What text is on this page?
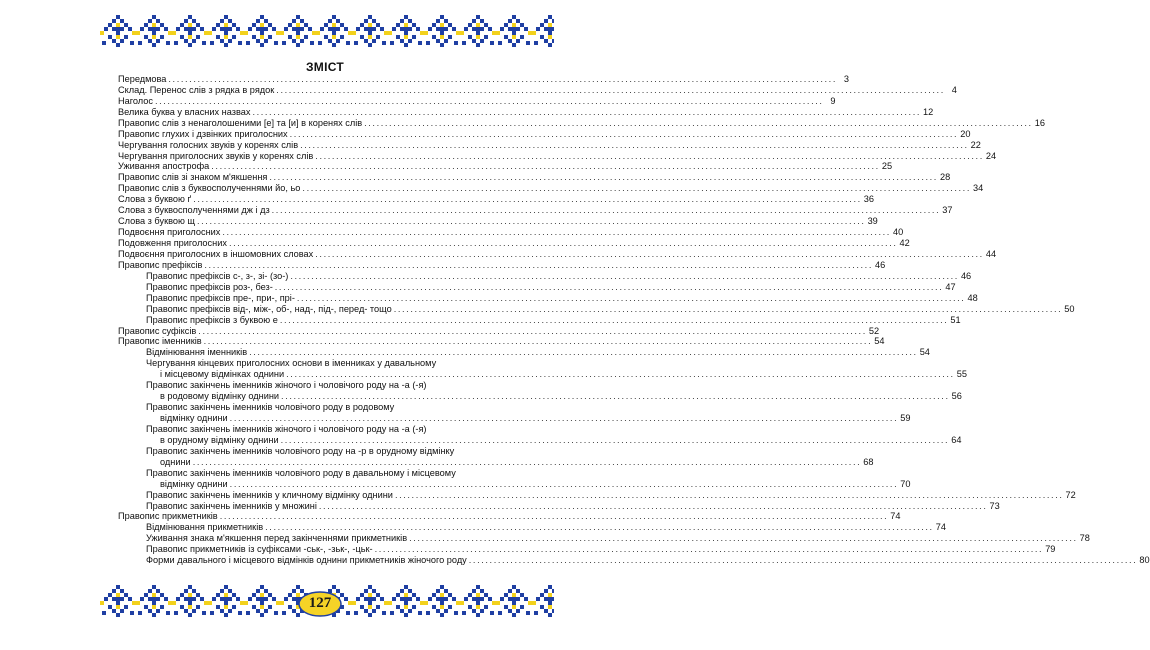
ЗМІСТ
Передмова .....	3
Склад. Перенос слів з рядка в рядок .....	4
Наголос .....	9
Велика буква у власних назвах .....	12
Правопис слів з ненаголошеними [е] та [и] в коренях слів .....	16
Правопис глухих і дзвінких приголосних .....	20
Чергування голосних звуків у коренях слів .....	22
Чергування приголосних звуків у коренях слів .....	24
Уживання апострофа .....	25
Правопис слів зі знаком м'якшення .....	28
Правопис слів з буквосполученнями йо, ьо .....	34
Слова з буквою ґ .....	36
Слова з буквосполученнями дж і дз .....	37
Слова з буквою щ .....	39
Подвоєння приголосних .....	40
Подовження приголосних .....	42
Подвоєння приголосних в іншомовних словах .....	44
Правопис префіксів .....	46
Правопис префіксів с-, з-, зі- (зо-) .....	46
Правопис префіксів роз-, без- .....	47
Правопис префіксів пре-, при-, прі- .....	48
Правопис префіксів від-, між-, об-, над-, під-, перед- тощо .....	50
Правопис префіксів з буквою е .....	51
Правопис суфіксів .....	52
Правопис іменників .....	54
Відмінювання іменників .....	54
Чергування кінцевих приголосних основи в іменниках у давальному
і місцевому відмінках однини .....	55
Правопис закінчень іменників жіночого і чоловічого роду на -а (-я)
в родовому відмінку однини .....	56
Правопис закінчень іменників чоловічого роду в родовому
відмінку однини .....	59
Правопис закінчень іменників жіночого і чоловічого роду на -а (-я)
в орудному відмінку однини .....	64
Правопис закінчень іменників чоловічого роду на -р в орудному відмінку
однини .....	68
Правопис закінчень іменників чоловічого роду в давальному і місцевому
відмінку однини .....	70
Правопис закінчень іменників у кличному відмінку однини .....	72
Правопис закінчень іменників у множині .....	73
Правопис прикметників .....	74
Відмінювання прикметників .....	74
Уживання знака м'якшення перед закінченнями прикметників .....	78
Правопис прикметників із суфіксами -ськ-, -зьк-, -цьк- .....	79
Форми давального і місцевого відмінків однини прикметників жіночого роду .....	80
127
